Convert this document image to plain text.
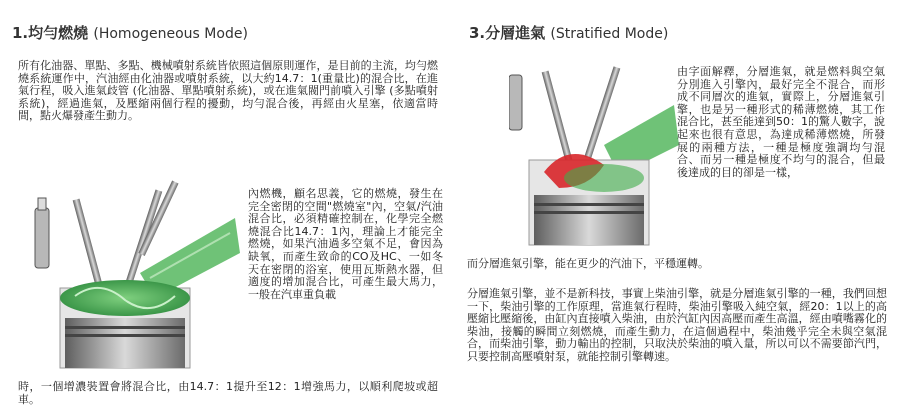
1.均勻燃燒 (Homogeneous Mode)
所有化油器、單點、多點、機械噴射系統皆依照這個原則運作，是目前的主流，均勻燃燒系統運作中，汽油經由化油器或噴射系統，以大約14.7：1(重量比)的混合比，在進氣行程，吸入進氣歧管 (化油器、單點噴射系統)，或在進氣閥門前噴入引擎 (多點噴射系統)，經過進氣，及壓縮兩個行程的擾動，均勻混合後，再經由火星塞，依適當時間，點火爆發產生動力。
內燃機，顧名思義，它的燃燒，發生在完全密閉的空間"燃燒室"內，空氣/汽油混合比，必須精確控制在，化學完全燃燒混合比14.7：1內，理論上才能完全燃燒，如果汽油過多空氣不足，會因為缺氧，而產生致命的CO及HC、一如冬天在密閉的浴室，使用瓦斯熱水器，但適度的增加混合比，可產生最大馬力，一般在汽車重負載
時，一個增濃裝置會將混合比，由14.7：1提升至12：1增強馬力，以順利爬坡或超車。
3.分層進氣 (Stratified Mode)
由字面解釋，分層進氣，就是燃料與空氣分別進入引擎內，最好完全不混合，而形成不同層次的進氣，實際上，分層進氣引擎，也是另一種形式的稀薄燃燒，其工作混合比，甚至能達到50：1的驚人數字，說起來也很有意思，為達成稀薄燃燒，所發展的兩種方法，一種是極度強調均勻混合、而另一種是極度不均勻的混合，但最後達成的目的卻是一樣，
而分層進氣引擎，能在更少的汽油下，平穩運轉。
分層進氣引擎，並不是新科技，事實上柴油引擎，就是分層進氣引擎的一種，我們回想一下，柴油引擎的工作原理，當進氣行程時，柴油引擎吸入純空氣，經20：1以上的高壓縮比壓縮後，由缸內直接噴入柴油，由於汽缸內因高壓而產生高溫，經由噴嘴霧化的柴油，接觸的瞬間立刻燃燒，而產生動力，在這個過程中，柴油幾乎完全未與空氣混合，而柴油引擎，動力輸出的控制，只取決於柴油的噴入量，所以可以不需要節汽門，只要控制高壓噴射泵，就能控制引擎轉速。
